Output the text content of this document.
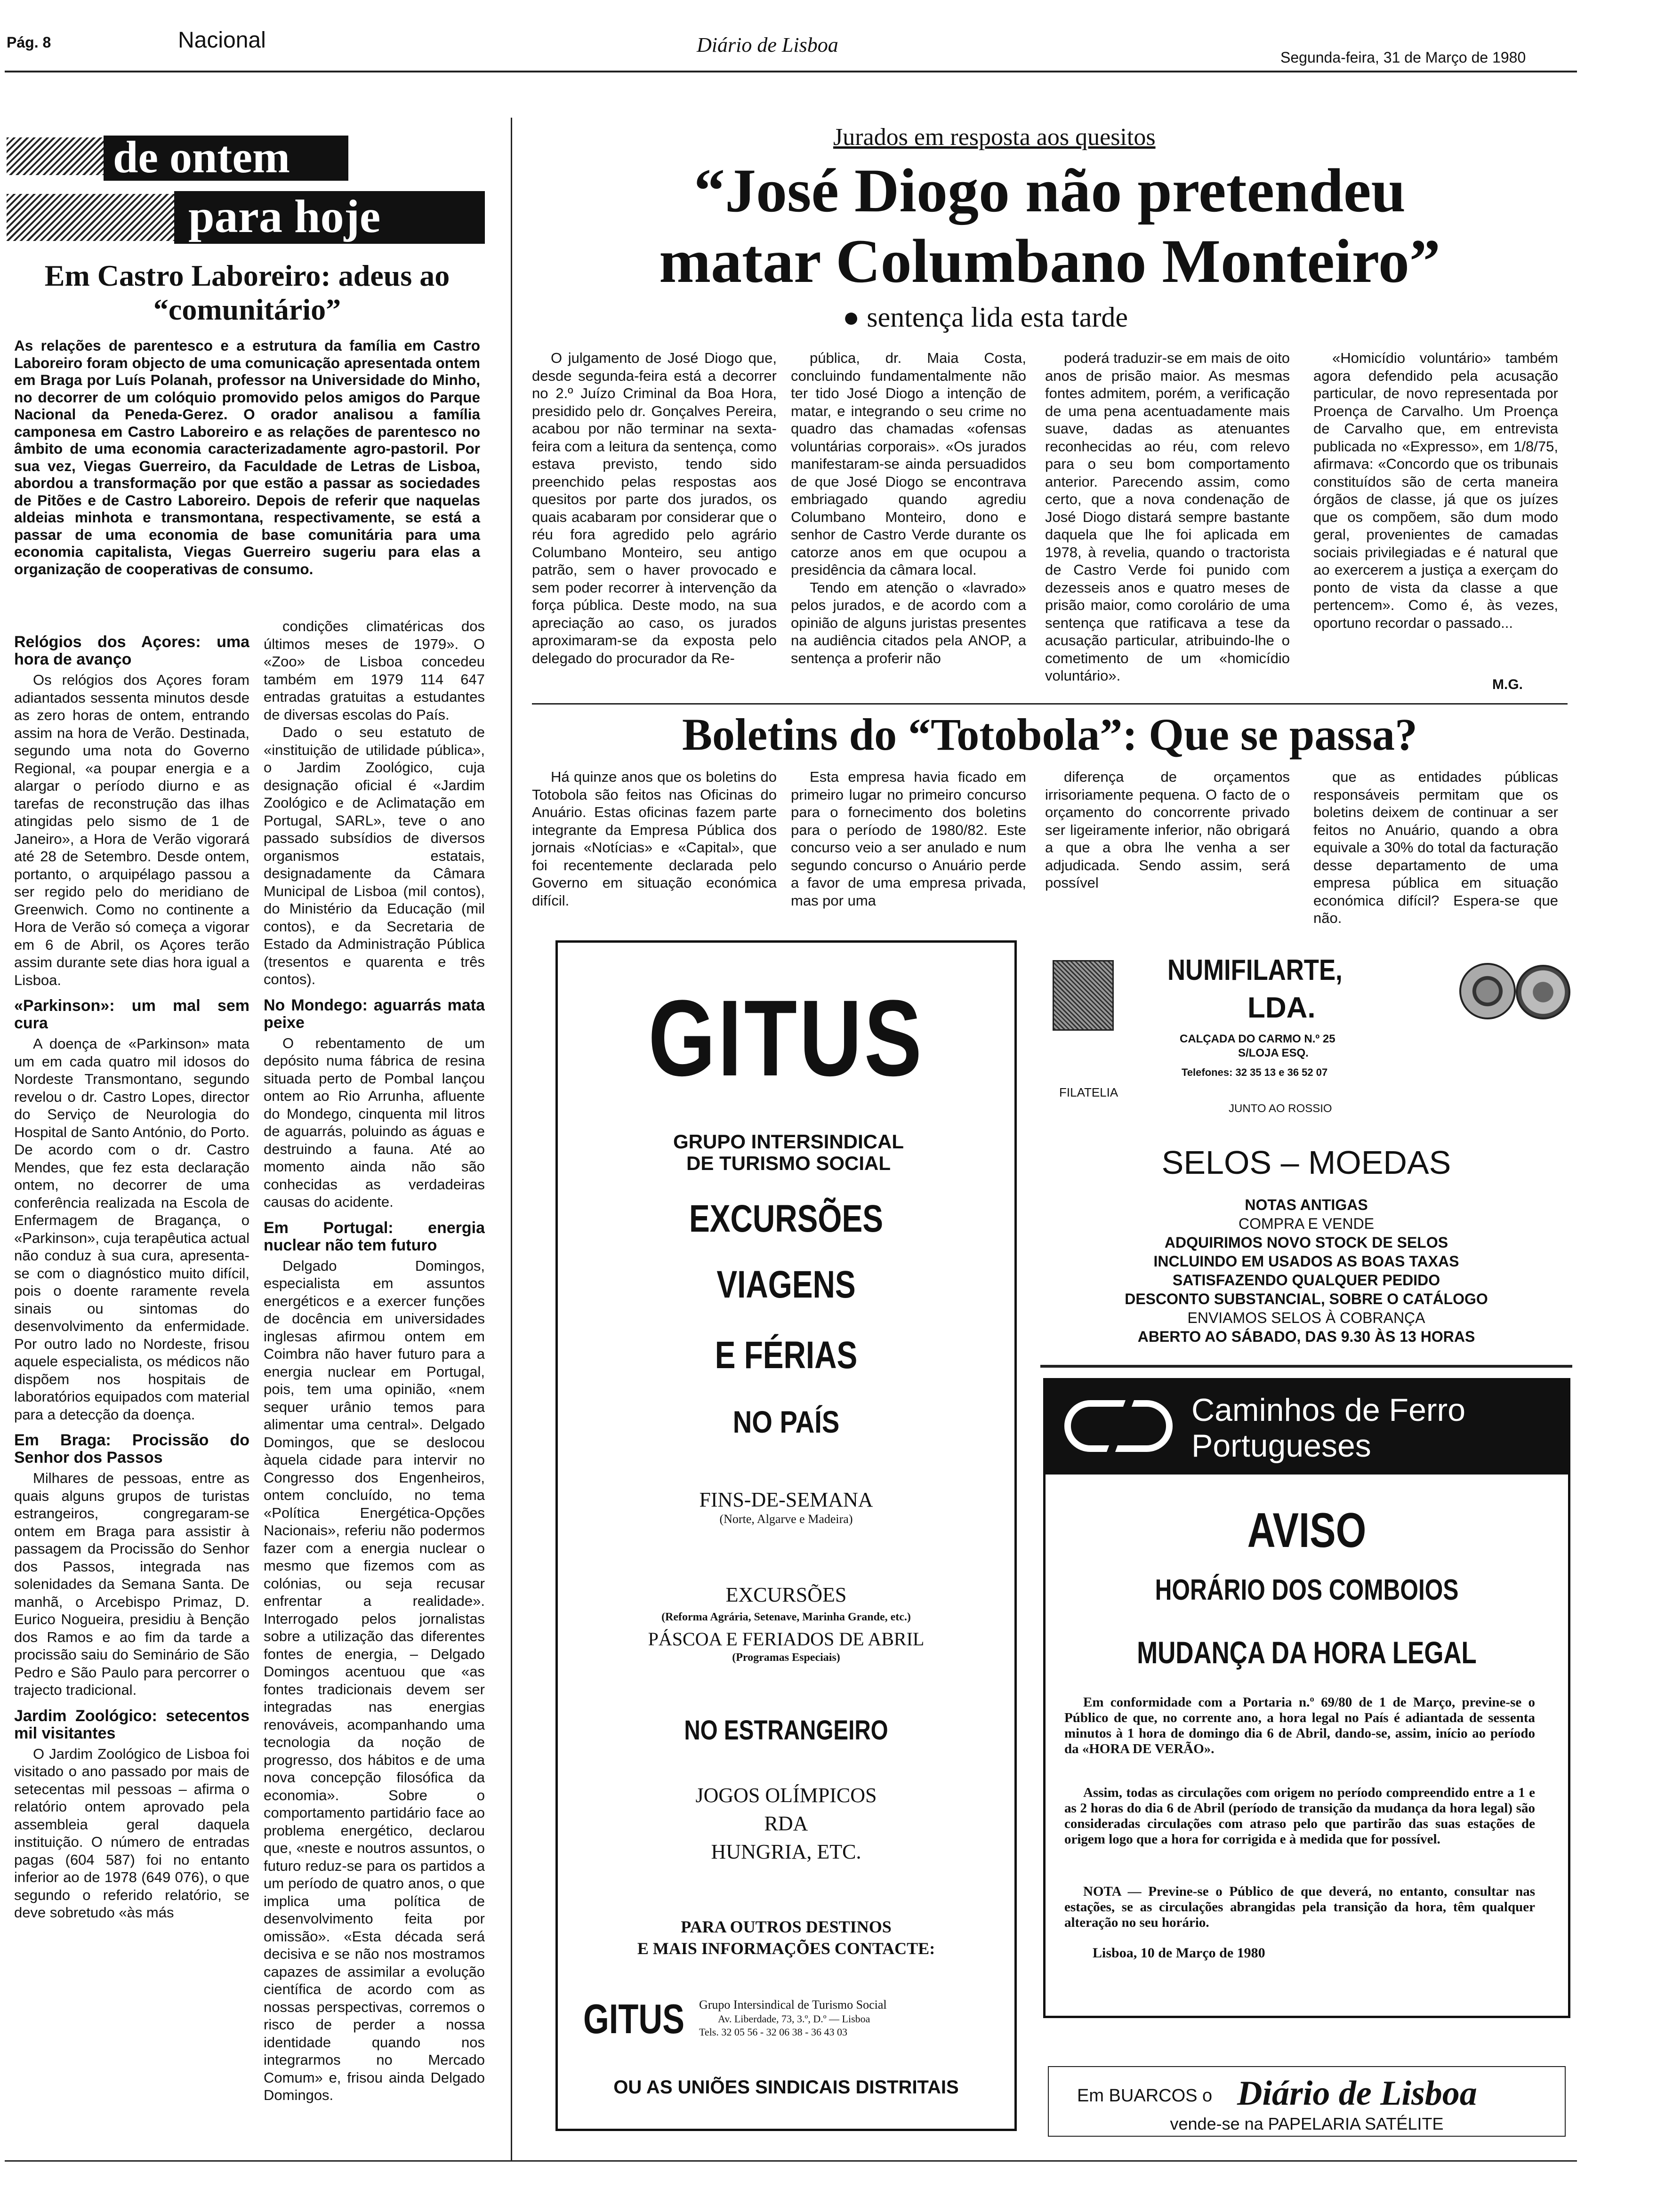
Pág. 8	Nacional	Diário de Lisboa
Segunda-feira, 31 de Março de 1980
de ontem
para hoje
Em Castro Laboreiro: adeus ao “comunitário”
As relações de parentesco e a estrutura da família em Castro Laboreiro foram objecto de uma comunicação apresentada ontem em Braga por Luís Polanah, professor na Universidade do Minho, no decorrer de um colóquio promovido pelos amigos do Parque Nacional da Peneda-Gerez. O orador analisou a família camponesa em Castro Laboreiro e as relações de parentesco no âmbito de uma economia caracterizadamente agro-pastoril. Por sua vez, Viegas Guerreiro, da Faculdade de Letras de Lisboa, abordou a transformação por que estão a passar as sociedades de Pitões e de Castro Laboreiro. Depois de referir que naquelas aldeias minhota e transmontana, respectivamente, se está a passar de uma economia de base comunitária para uma economia capitalista, Viegas Guerreiro sugeriu para elas a organização de cooperativas de consumo.
Relógios dos Açores: uma hora de avanço

Os relógios dos Açores foram adiantados sessenta minutos desde as zero horas de ontem, entrando assim na hora de Verão. Destinada, segundo uma nota do Governo Regional, «a poupar energia e a alargar o período diurno e as tarefas de reconstrução das ilhas atingidas pelo sismo de 1 de Janeiro», a Hora de Verão vigorará até 28 de Setembro. Desde ontem, portanto, o arquipélago passou a ser regido pelo do meridiano de Greenwich. Como no continente a Hora de Verão só começa a vigorar em 6 de Abril, os Açores terão assim durante sete dias hora igual a Lisboa.

«Parkinson»: um mal sem cura

A doença de «Parkinson» mata um em cada quatro mil idosos do Nordeste Transmontano, segundo revelou o dr. Castro Lopes, director do Serviço de Neurologia do Hospital de Santo António, do Porto. De acordo com o dr. Castro Mendes, que fez esta declaração ontem, no decorrer de uma conferência realizada na Escola de Enfermagem de Bragança, o «Parkinson», cuja terapêutica actual não conduz à sua cura, apresenta-se com o diagnóstico muito difícil, pois o doente raramente revela sinais ou sintomas do desenvolvimento da enfermidade. Por outro lado no Nordeste, frisou aquele especialista, os médicos não dispõem nos hospitais de laboratórios equipados com material para a detecção da doença.

Em Braga: Procissão do Senhor dos Passos

Milhares de pessoas, entre as quais alguns grupos de turistas estrangeiros, congregaram-se ontem em Braga para assistir à passagem da Procissão do Senhor dos Passos, integrada nas solenidades da Semana Santa. De manhã, o Arcebispo Primaz, D. Eurico Nogueira, presidiu à Benção dos Ramos e ao fim da tarde a procissão saiu do Seminário de São Pedro e São Paulo para percorrer o trajecto tradicional.

Jardim Zoológico: setecentos mil visitantes

O Jardim Zoológico de Lisboa foi visitado o ano passado por mais de setecentas mil pessoas – afirma o relatório ontem aprovado pela assembleia geral daquela instituição. O número de entradas pagas (604 587) foi no entanto inferior ao de 1978 (649 076), o que segundo o referido relatório, se deve sobretudo «às más

condições climatéricas dos últimos meses de 1979». O «Zoo» de Lisboa concedeu também em 1979 114 647 entradas gratuitas a estudantes de diversas escolas do País.

Dado o seu estatuto de «instituição de utilidade pública», o Jardim Zoológico, cuja designação oficial é «Jardim Zoológico e de Aclimatação em Portugal, SARL», teve o ano passado subsídios de diversos organismos estatais, designadamente da Câmara Municipal de Lisboa (mil contos), do Ministério da Educação (mil contos), e da Secretaria de Estado da Administração Pública (tresentos e quarenta e três contos).

No Mondego: aguarrás mata peixe

O rebentamento de um depósito numa fábrica de resina situada perto de Pombal lançou ontem ao Rio Arrunha, afluente do Mondego, cinquenta mil litros de aguarrás, poluindo as águas e destruindo a fauna. Até ao momento ainda não são conhecidas as verdadeiras causas do acidente.

Em Portugal: energia nuclear não tem futuro

Delgado Domingos, especialista em assuntos energéticos e a exercer funções de docência em universidades inglesas afirmou ontem em Coimbra não haver futuro para a energia nuclear em Portugal, pois, tem uma opinião, «nem sequer urânio temos para alimentar uma central». Delgado Domingos, que se deslocou àquela cidade para intervir no Congresso dos Engenheiros, ontem concluído, no tema «Política Energética-Opções Nacionais», referiu não podermos fazer com a energia nuclear o mesmo que fizemos com as colónias, ou seja recusar enfrentar a realidade». Interrogado pelos jornalistas sobre a utilização das diferentes fontes de energia, – Delgado Domingos acentuou que «as fontes tradicionais devem ser integradas nas energias renováveis, acompanhando uma tecnologia da noção de progresso, dos hábitos e de uma nova concepção filosófica da economia». Sobre o comportamento partidário face ao problema energético, declarou que, «neste e noutros assuntos, o futuro reduz-se para os partidos a um período de quatro anos, o que implica uma política de desenvolvimento feita por omissão». «Esta década será decisiva e se não nos mostramos capazes de assimilar a evolução científica de acordo com as nossas perspectivas, corremos o risco de perder a nossa identidade quando nos integrarmos no Mercado Comum» e, frisou ainda Delgado Domingos.

Jurados em resposta aos quesitos
“José Diogo não pretendeu
matar Columbano Monteiro”
● sentença lida esta tarde

O julgamento de José Diogo que, desde segunda-feira está a decorrer no 2.º Juízo Criminal da Boa Hora, presidido pelo dr. Gonçalves Pereira, acabou por não terminar na sexta-feira com a leitura da sentença, como estava previsto, tendo sido preenchido pelas respostas aos quesitos por parte dos jurados, os quais acabaram por considerar que o réu fora agredido pelo agrário Columbano Monteiro, seu antigo patrão, sem o haver provocado e sem poder recorrer à intervenção da força pública. Deste modo, na sua apreciação ao caso, os jurados aproximaram-se da exposta pelo delegado do procurador da Re-

pública, dr. Maia Costa, concluindo fundamentalmente não ter tido José Diogo a intenção de matar, e integrando o seu crime no quadro das chamadas «ofensas voluntárias corporais». «Os jurados manifestaram-se ainda persuadidos de que José Diogo se encontrava embriagado quando agrediu Columbano Monteiro, dono e senhor de Castro Verde durante os catorze anos em que ocupou a presidência da câmara local.

Tendo em atenção o «lavrado» pelos jurados, e de acordo com a opinião de alguns juristas presentes na audiência citados pela ANOP, a sentença a proferir não

poderá traduzir-se em mais de oito anos de prisão maior. As mesmas fontes admitem, porém, a verificação de uma pena acentuadamente mais suave, dadas as atenuantes reconhecidas ao réu, com relevo para o seu bom comportamento anterior. Parecendo assim, como certo, que a nova condenação de José Diogo distará sempre bastante daquela que lhe foi aplicada em 1978, à revelia, quando o tractorista de Castro Verde foi punido com dezesseis anos e quatro meses de prisão maior, como corolário de uma sentença que ratificava a tese da acusação particular, atribuindo-lhe o cometimento de um «homicídio voluntário».

«Homicídio voluntário» também agora defendido pela acusação particular, de novo representada por Proença de Carvalho. Um Proença de Carvalho que, em entrevista publicada no «Expresso», em 1/8/75, afirmava: «Concordo que os tribunais constituídos são de certa maneira órgãos de classe, já que os juízes que os compõem, são dum modo geral, provenientes de camadas sociais privilegiadas e é natural que ao exercerem a justiça a exerçam do ponto de vista da classe a que pertencem». Como é, às vezes, oportuno recordar o passado...

M.G.
Boletins do “Totobola”: Que se passa?

Há quinze anos que os boletins do Totobola são feitos nas Oficinas do Anuário. Estas oficinas fazem parte integrante da Empresa Pública dos jornais «Notícias» e «Capital», que foi recentemente declarada pelo Governo em situação económica difícil.

Esta empresa havia ficado em primeiro lugar no primeiro concurso para o fornecimento dos boletins para o período de 1980/82. Este concurso veio a ser anulado e num segundo concurso o Anuário perde a favor de uma empresa privada, mas por uma

diferença de orçamentos irrisoriamente pequena. O facto de o orçamento do concorrente privado ser ligeiramente inferior, não obrigará a que a obra lhe venha a ser adjudicada. Sendo assim, será possível

que as entidades públicas responsáveis permitam que os boletins deixem de continuar a ser feitos no Anuário, quando a obra equivale a 30% do total da facturação desse departamento de uma empresa pública em situação económica difícil? Espera-se que não.

GITUS
GRUPO INTERSINDICAL DE TURISMO SOCIAL
EXCURSÕES
VIAGENS
E FÉRIAS
NO PAÍS
FINS-DE-SEMANA
(Norte, Algarve e Madeira)
EXCURSÕES
(Reforma Agrária, Setenave, Marinha Grande, etc.)
PÁSCOA E FERIADOS DE ABRIL
(Programas Especiais)
NO ESTRANGEIRO
JOGOS OLÍMPICOS
RDA
HUNGRIA, ETC.
PARA OUTROS DESTINOS
E MAIS INFORMAÇÕES CONTACTE:
GITUS Grupo Intersindical de Turismo Social
Av. Liberdade, 73, 3.º, D.º — Lisboa
Tels. 32 05 56 - 32 06 38 - 36 43 03
OU AS UNIÕES SINDICAIS DISTRITAIS
NUMIFILARTE,
LDA.
CALÇADA DO CARMO N.º 25
S/LOJA ESQ.
Telefones: 32 35 13 e 36 52 07
FILATELIA
JUNTO AO ROSSIO
SELOS – MOEDAS
NOTAS ANTIGAS
COMPRA E VENDE
ADQUIRIMOS NOVO STOCK DE SELOS
INCLUINDO EM USADOS AS BOAS TAXAS
SATISFAZENDO QUALQUER PEDIDO
DESCONTO SUBSTANCIAL, SOBRE O CATÁLOGO
ENVIAMOS SELOS À COBRANÇA
ABERTO AO SÁBADO, DAS 9.30 ÀS 13 HORAS
Caminhos de Ferro
Portugueses
AVISO
HORÁRIO DOS COMBOIOS
MUDANÇA DA HORA LEGAL
Em conformidade com a Portaria n.º 69/80 de 1 de Março, previne-se o Público de que, no corrente ano, a hora legal no País é adiantada de sessenta minutos à 1 hora de domingo dia 6 de Abril, dando-se, assim, início ao período da «HORA DE VERÃO».
Assim, todas as circulações com origem no período compreendido entre a 1 e as 2 horas do dia 6 de Abril (período de transição da mudança da hora legal) são consideradas circulações com atraso pelo que partirão das suas estações de origem logo que a hora for corrigida e à medida que for possível.
NOTA — Previne-se o Público de que deverá, no entanto, consultar nas estações, se as circulações abrangidas pela transição da hora, têm qualquer alteração no seu horário.
Lisboa, 10 de Março de 1980
Em BUARCOS o Diário de Lisboa
vende-se na PAPELARIA SATÉLITE
